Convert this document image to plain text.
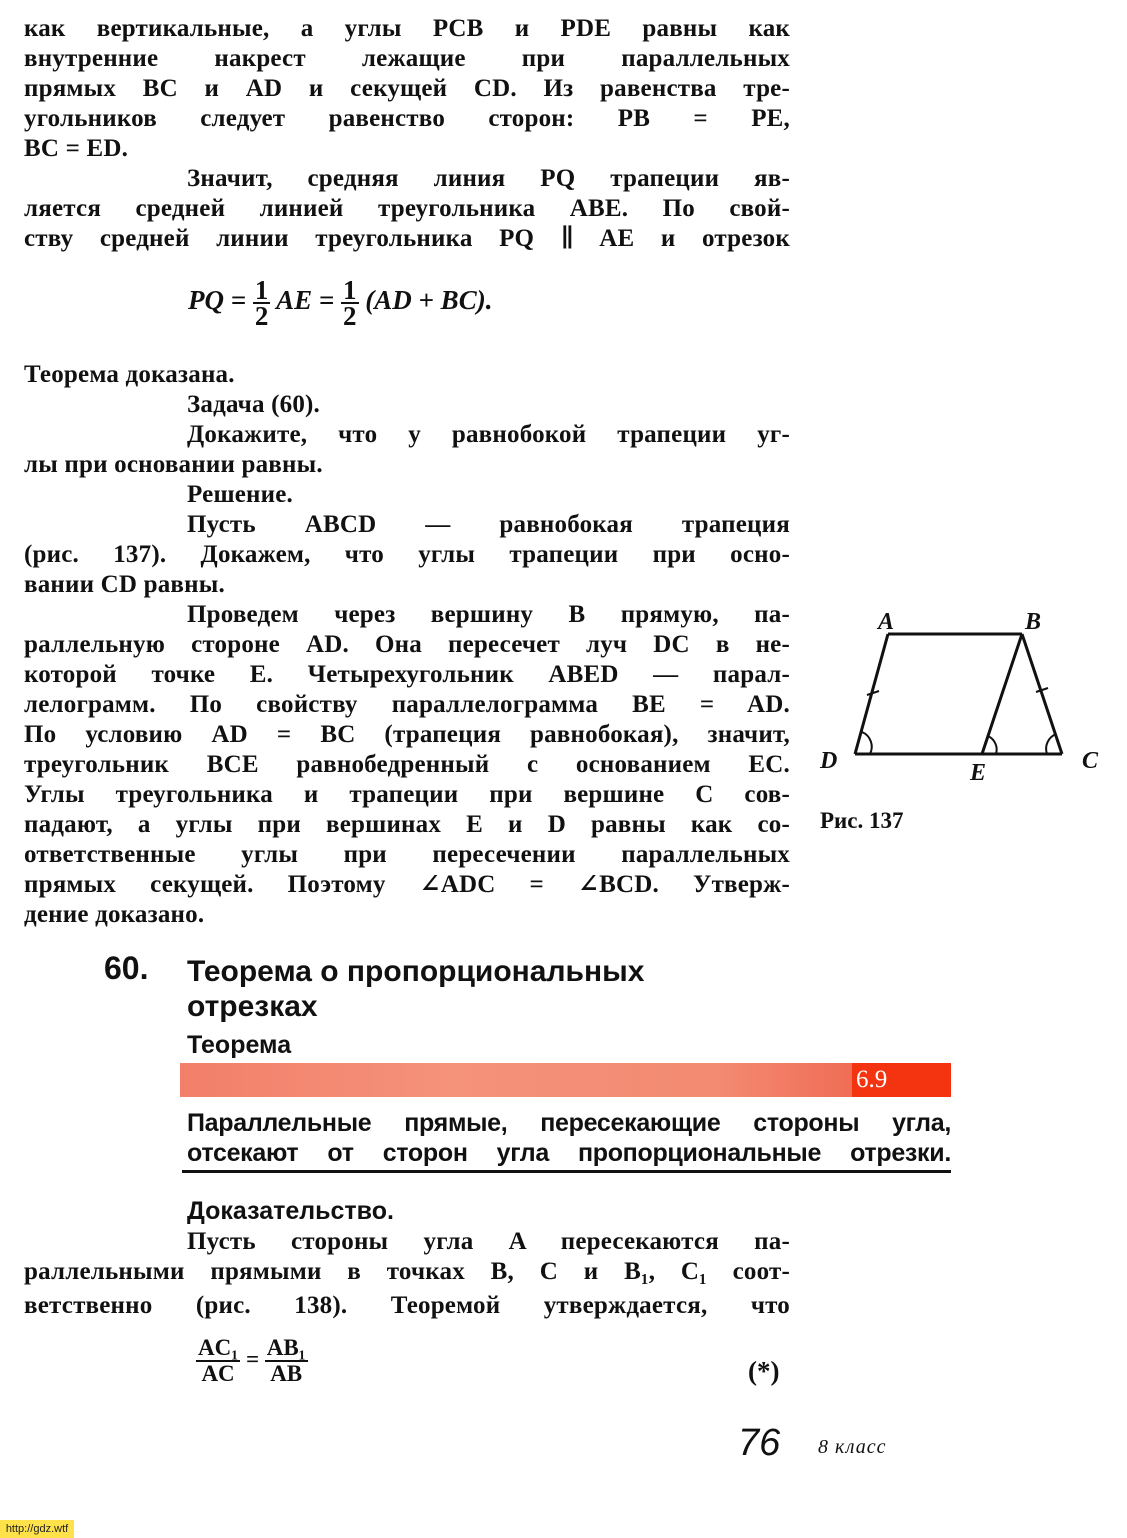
как вертикальные, а углы PCB и PDE равны как
внутренние накрест лежащие при параллельных
прямых BC и AD и секущей CD. Из равенства тре-
угольников следует равенство сторон: PB = PE,
BC = ED.
Значит, средняя линия PQ трапеции яв-
ляется средней линией треугольника ABE. По свой-
ству средней линии треугольника PQ ∥ AE и отрезок
PQ = $\frac{1}{2}$ AE = $\frac{1}{2} (AD + BC)$.
Теорема доказана.
Задача (60).
Докажите, что у равнобокой трапеции уг-
лы при основании равны.
Решение.
Пусть ABCD — равнобокая трапеция
(рис. 137). Докажем, что углы трапеции при осно-
вании CD равны.
Проведем через вершину B прямую, па-
раллельную стороне AD. Она пересечет луч DC в не-
которой точке E. Четырехугольник ABED — парал-
лелограмм. По свойству параллелограмма BE = AD.
По условию AD = BC (трапеция равнобокая), значит,
треугольник BCE равнобедренный с основанием EC.
Углы треугольника и трапеции при вершине C сов-
падают, а углы при вершинах E и D равны как со-
ответственные углы при пересечении параллельных
прямых секущей. Поэтому ∠ADC = ∠BCD. Утверж-
дение доказано.
A	B
D	E	C
Рис. 137
60. Теорема о пропорциональных
отрезках
Теорема
6.9
Параллельные прямые, пересекающие стороны угла,
отсекают от сторон угла пропорциональные отрезки.
Доказательство.
Пусть стороны угла A пересекаются па-
раллельными прямыми в точках B, C и B₁, C₁ соот-
ветственно (рис. 138). Теоремой утверждается, что
$\frac{\text{AC₁}}{AC} = \frac{\text{AB₁}}{AB}$	(*)
76 8 класс
http://gdz.wtf
